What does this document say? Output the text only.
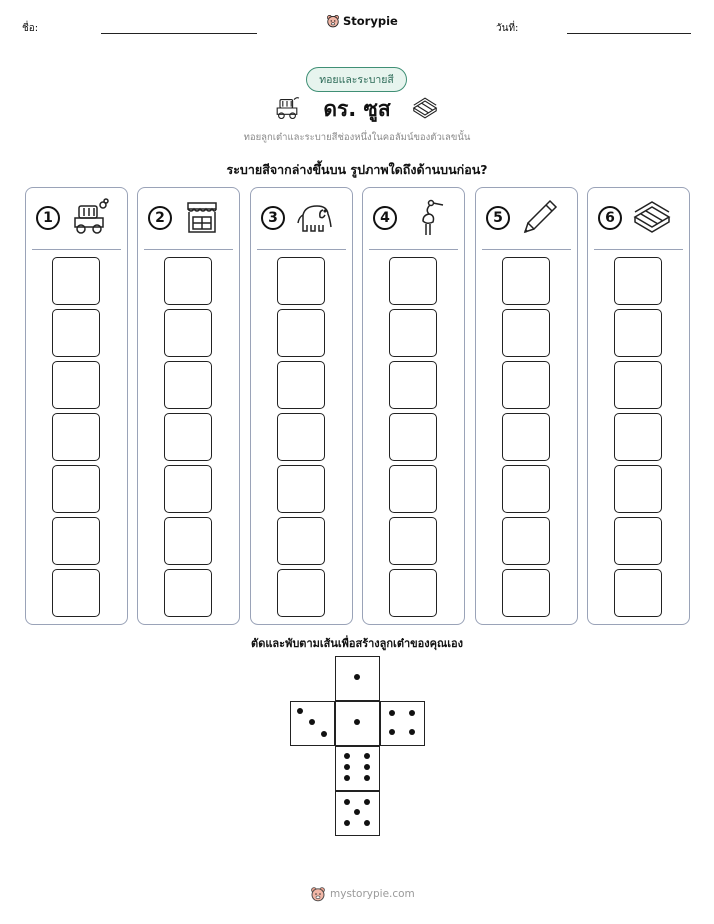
ชื่อ:
Storypie
วันที่:
ทอยและระบายสี
ดร. ซูส
ทอยลูกเต๋าและระบายสีช่องหนึ่งในคอลัมน์ของตัวเลขนั้น
ระบายสีจากล่างขึ้นบน รูปภาพใดถึงด้านบนก่อน?
1	2	3	4	5	6
ตัดและพับตามเส้นเพื่อสร้างลูกเต๋าของคุณเอง
mystorypie.com
